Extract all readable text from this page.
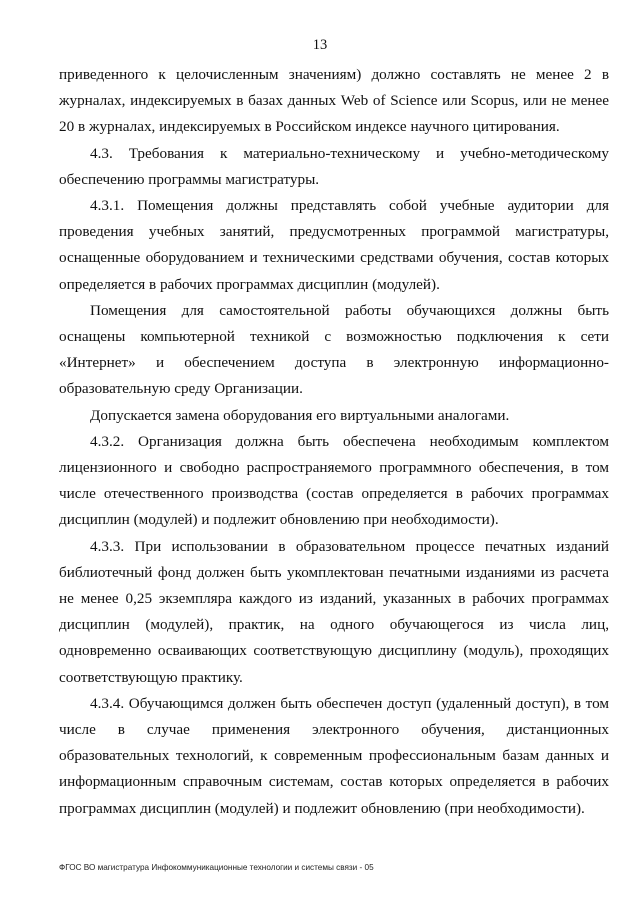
13

приведенного к целочисленным значениям) должно составлять не менее 2 в журналах, индексируемых в базах данных Web of Science или Scopus, или не менее 20 в журналах, индексируемых в Российском индексе научного цитирования.

4.3. Требования к материально-техническому и учебно-методическому обеспечению программы магистратуры.

4.3.1. Помещения должны представлять собой учебные аудитории для проведения учебных занятий, предусмотренных программой магистратуры, оснащенные оборудованием и техническими средствами обучения, состав которых определяется в рабочих программах дисциплин (модулей).

Помещения для самостоятельной работы обучающихся должны быть оснащены компьютерной техникой с возможностью подключения к сети «Интернет» и обеспечением доступа в электронную информационно-образовательную среду Организации.

Допускается замена оборудования его виртуальными аналогами.

4.3.2. Организация должна быть обеспечена необходимым комплектом лицензионного и свободно распространяемого программного обеспечения, в том числе отечественного производства (состав определяется в рабочих программах дисциплин (модулей) и подлежит обновлению при необходимости).

4.3.3. При использовании в образовательном процессе печатных изданий библиотечный фонд должен быть укомплектован печатными изданиями из расчета не менее 0,25 экземпляра каждого из изданий, указанных в рабочих программах дисциплин (модулей), практик, на одного обучающегося из числа лиц, одновременно осваивающих соответствующую дисциплину (модуль), проходящих соответствующую практику.

4.3.4. Обучающимся должен быть обеспечен доступ (удаленный доступ), в том числе в случае применения электронного обучения, дистанционных образовательных технологий, к современным профессиональным базам данных и информационным справочным системам, состав которых определяется в рабочих программах дисциплин (модулей) и подлежит обновлению (при необходимости).

ФГОС ВО магистратура Инфокоммуникационные технологии и системы связи - 05
